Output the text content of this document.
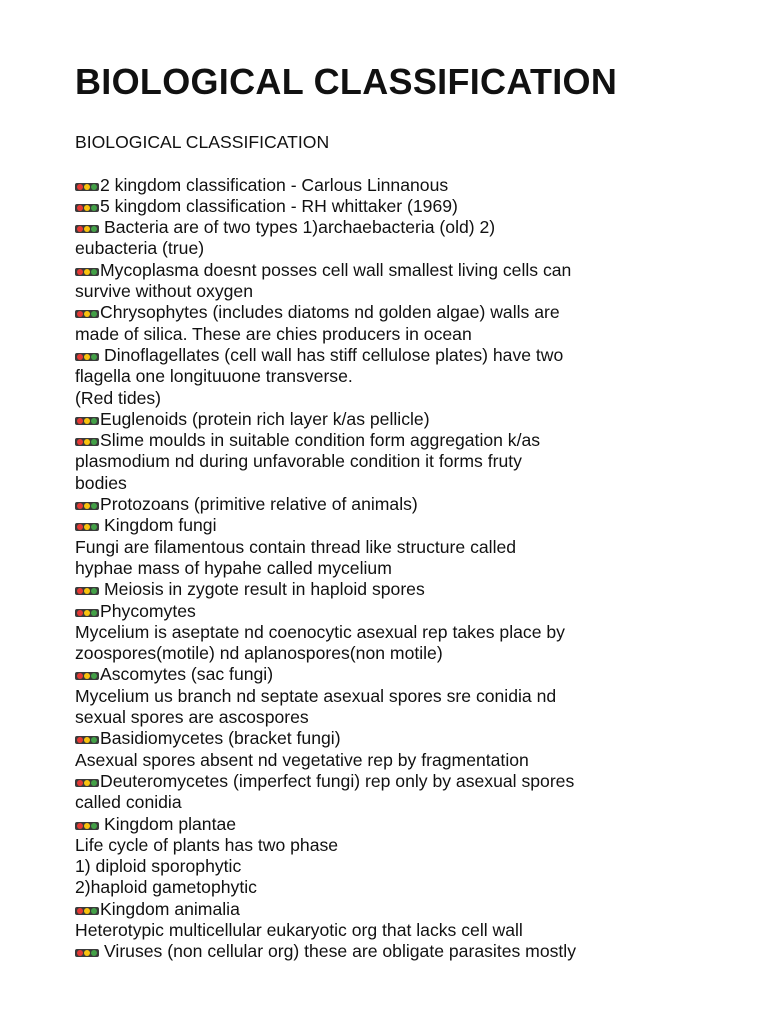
BIOLOGICAL CLASSIFICATION
BIOLOGICAL CLASSIFICATION
2 kingdom classification - Carlous Linnanous
5 kingdom classification - RH whittaker (1969)
Bacteria are of two types 1)archaebacteria (old) 2)
eubacteria (true)
Mycoplasma doesnt posses cell wall smallest living cells can
survive without oxygen
Chrysophytes (includes diatoms nd golden algae) walls are
made of silica. These are chies producers in ocean
Dinoflagellates (cell wall has stiff cellulose plates) have two
flagella one longituuone transverse.
(Red tides)
Euglenoids (protein rich layer k/as pellicle)
Slime moulds in suitable condition form aggregation k/as
plasmodium nd during unfavorable condition it forms fruty
bodies
Protozoans (primitive relative of animals)
Kingdom fungi
Fungi are filamentous contain thread like structure called
hyphae mass of hypahe called mycelium
Meiosis in zygote result in haploid spores
Phycomytes
Mycelium is aseptate nd coenocytic asexual rep takes place by
zoospores(motile) nd aplanospores(non motile)
Ascomytes (sac fungi)
Mycelium us branch nd septate asexual spores sre conidia nd
sexual spores are ascospores
Basidiomycetes (bracket fungi)
Asexual spores absent nd vegetative rep by fragmentation
Deuteromycetes (imperfect fungi) rep only by asexual spores
called conidia
Kingdom plantae
Life cycle of plants has two phase
1) diploid sporophytic
2)haploid gametophytic
Kingdom animalia
Heterotypic multicellular eukaryotic org that lacks cell wall
Viruses (non cellular org) these are obligate parasites mostly
